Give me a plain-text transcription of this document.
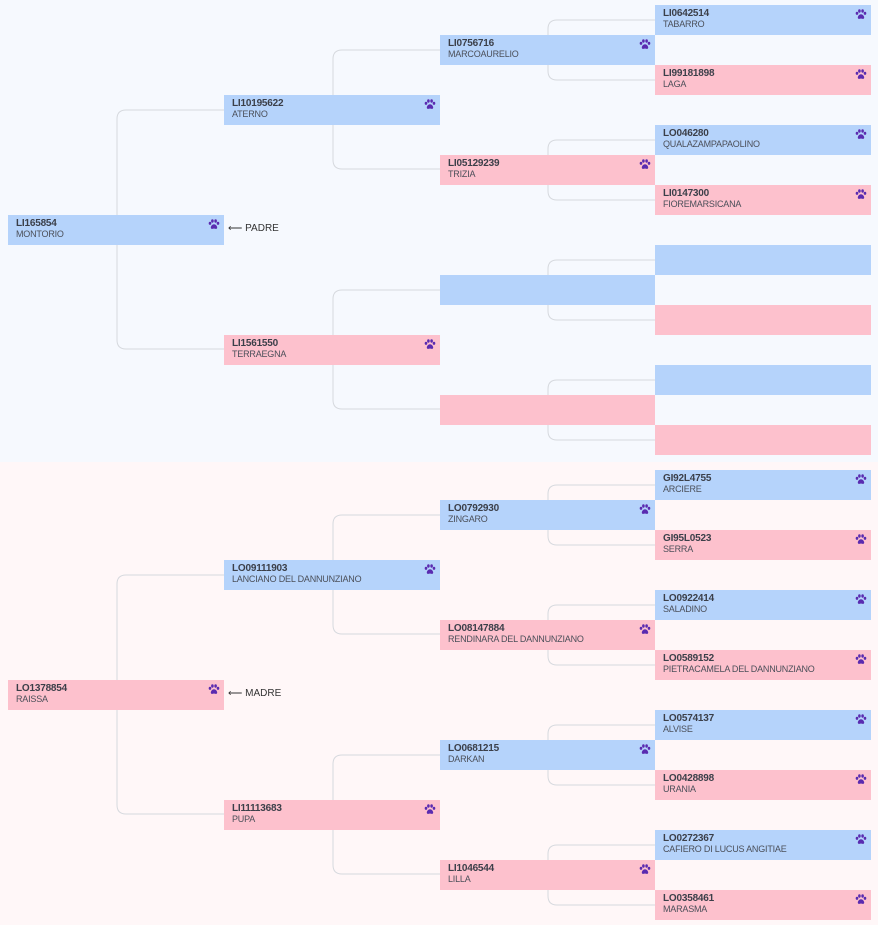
LI165854
MONTORIO	⟵ PADRE
LI10195622
ATERNO
LI1561550
TERRAEGNA
LI0756716
MARCOAURELIO
LI05129239
TRIZIA
LI0642514
TABARRO
LI99181898
LAGA
LO046280
QUALAZAMPAPAOLINO
LI0147300
FIOREMARSICANA
LO1378854
RAISSA	⟵ MADRE
LO09111903
LANCIANO DEL DANNUNZIANO
LI11113683
PUPA
LO0792930
ZINGARO
LO08147884
RENDINARA DEL DANNUNZIANO
LO0681215
DARKAN
LI1046544
LILLA
GI92L4755
ARCIERE
GI95L0523
SERRA
LO0922414
SALADINO
LO0589152
PIETRACAMELA DEL DANNUNZIANO
LO0574137
ALVISE
LO0428898
URANIA
LO0272367
CAFIERO DI LUCUS ANGITIAE
LO0358461
MARASMA
